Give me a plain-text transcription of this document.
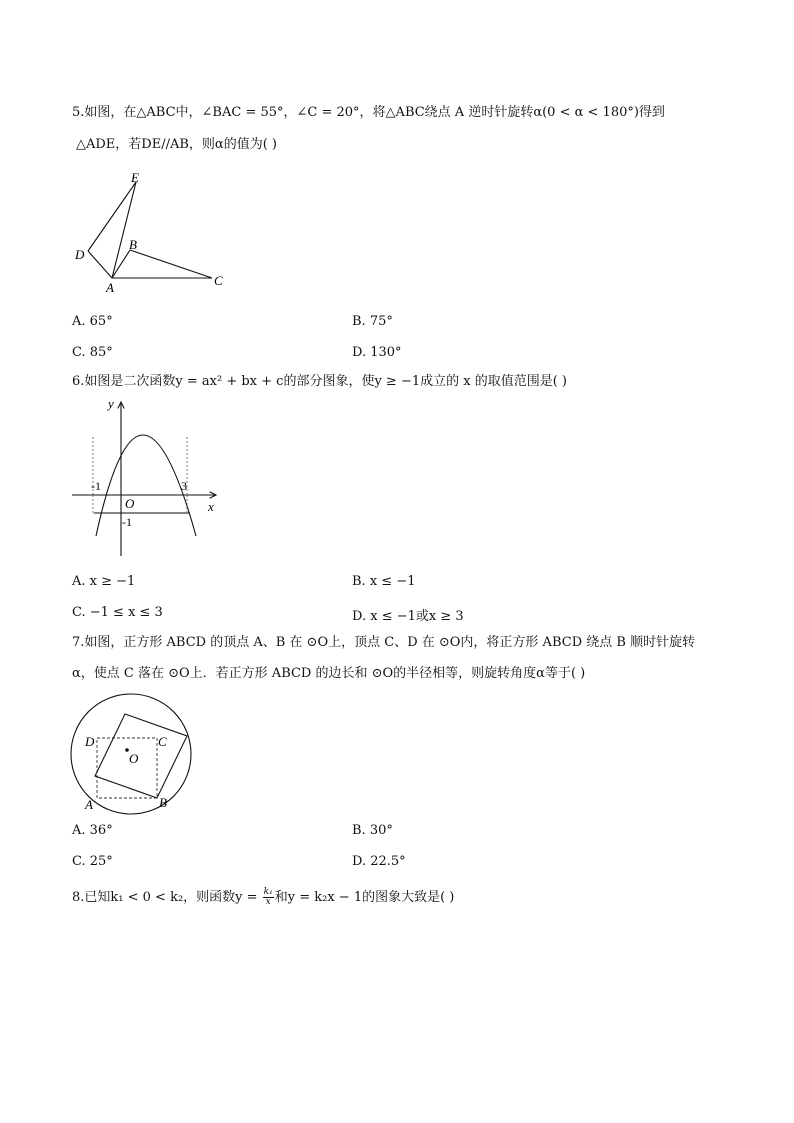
5.如图，在△ABC中，∠BAC = 55°，∠C = 20°，将△ABC绕点 A 逆时针旋转α(0 < α < 180°)得到
△ADE，若DE//AB，则α的值为( )
E
D
B
A	C
A. 65°	B. 75°
C. 85°	D. 130°
6.如图是二次函数y = ax² + bx + c的部分图象，使y ≥ −1成立的 x 的取值范围是( )
y
x
O
-1	3
-1
A. x ≥ −1	B. x ≤ −1
C. −1 ≤ x ≤ 3	D. x ≤ −1或x ≥ 3
7.如图，正方形 ABCD 的顶点 A、B 在 ⊙O上，顶点 C、D 在 ⊙O内，将正方形 ABCD 绕点 B 顺时针旋转
α，使点 C 落在 ⊙O上．若正方形 ABCD 的边长和 ⊙O的半径相等，则旋转角度α等于( )
D	C
O
A	B
A. 36°	B. 30°
C. 25°	D. 22.5°
8.已知k₁ < 0 < k₂，则函数$y = \frac{\text{k₁}}{x}$ 和y = k₂x − 1的图象大致是( )
